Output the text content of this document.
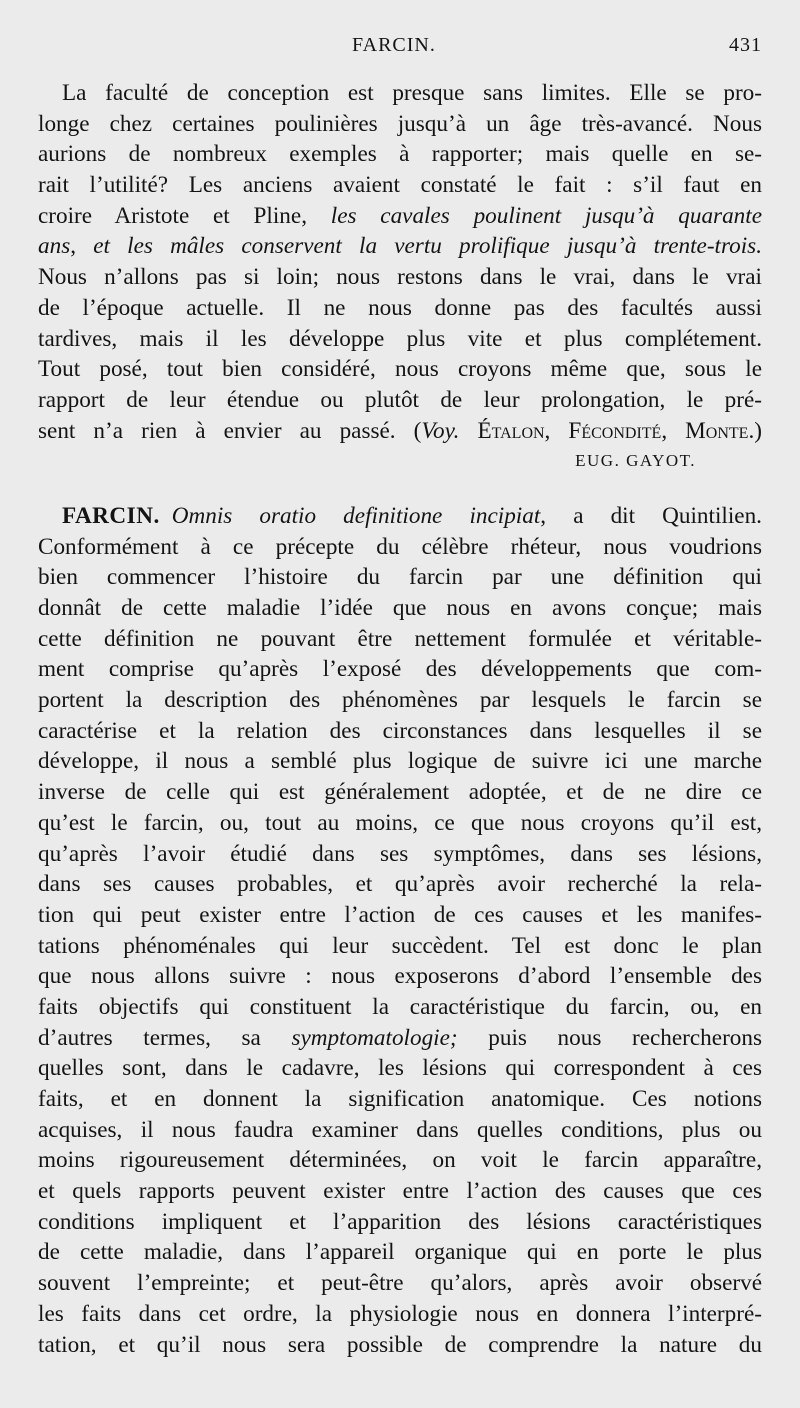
FARCIN.	431
La faculté de conception est presque sans limites. Elle se pro-
longe chez certaines poulinières jusqu’à un âge très-avancé. Nous
aurions de nombreux exemples à rapporter; mais quelle en se-
rait l’utilité? Les anciens avaient constaté le fait : s’il faut en
croire Aristote et Pline, les cavales poulinent jusqu’à quarante
ans, et les mâles conservent la vertu prolifique jusqu’à trente-trois.
Nous n’allons pas si loin; nous restons dans le vrai, dans le vrai
de l’époque actuelle. Il ne nous donne pas des facultés aussi
tardives, mais il les développe plus vite et plus complétement.
Tout posé, tout bien considéré, nous croyons même que, sous le
rapport de leur étendue ou plutôt de leur prolongation, le pré-
sent n’a rien à envier au passé. (Voy. Étalon, Fécondité, Monte.)
EUG. GAYOT.
FARCIN. Omnis oratio definitione incipiat, a dit Quintilien.
Conformément à ce précepte du célèbre rhéteur, nous voudrions
bien commencer l’histoire du farcin par une définition qui
donnât de cette maladie l’idée que nous en avons conçue; mais
cette définition ne pouvant être nettement formulée et véritable-
ment comprise qu’après l’exposé des développements que com-
portent la description des phénomènes par lesquels le farcin se
caractérise et la relation des circonstances dans lesquelles il se
développe, il nous a semblé plus logique de suivre ici une marche
inverse de celle qui est généralement adoptée, et de ne dire ce
qu’est le farcin, ou, tout au moins, ce que nous croyons qu’il est,
qu’après l’avoir étudié dans ses symptômes, dans ses lésions,
dans ses causes probables, et qu’après avoir recherché la rela-
tion qui peut exister entre l’action de ces causes et les manifes-
tations phénoménales qui leur succèdent. Tel est donc le plan
que nous allons suivre : nous exposerons d’abord l’ensemble des
faits objectifs qui constituent la caractéristique du farcin, ou, en
d’autres termes, sa symptomatologie; puis nous rechercherons
quelles sont, dans le cadavre, les lésions qui correspondent à ces
faits, et en donnent la signification anatomique. Ces notions
acquises, il nous faudra examiner dans quelles conditions, plus ou
moins rigoureusement déterminées, on voit le farcin apparaître,
et quels rapports peuvent exister entre l’action des causes que ces
conditions impliquent et l’apparition des lésions caractéristiques
de cette maladie, dans l’appareil organique qui en porte le plus
souvent l’empreinte; et peut-être qu’alors, après avoir observé
les faits dans cet ordre, la physiologie nous en donnera l’interpré-
tation, et qu’il nous sera possible de comprendre la nature du
